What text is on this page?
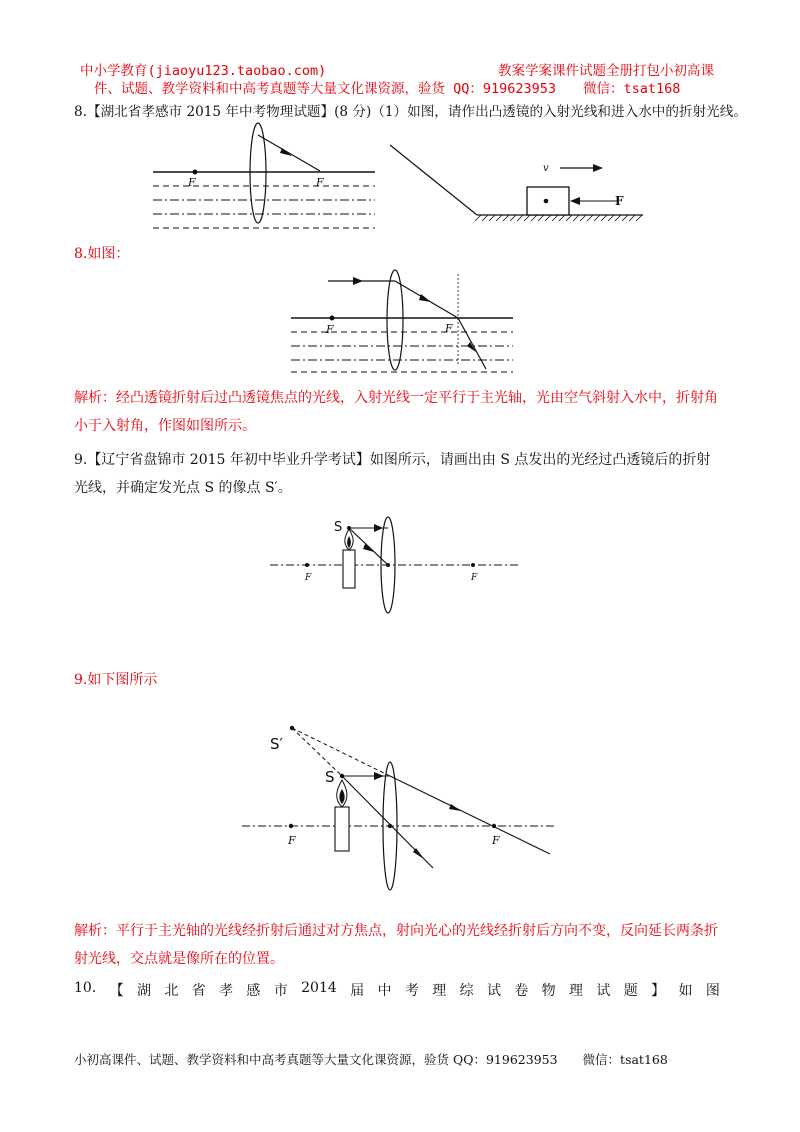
中小学教育(jiaoyu123.taobao.com)	教案学案课件试题全册打包小初高课
件、试题、教学资料和中高考真题等大量文化课资源，验货 QQ：919623953　　微信：tsat168
8.【湖北省孝感市 2015 年中考物理试题】(8 分)（1）如图，请作出凸透镜的入射光线和进入水中的折射光线。
F	F
F
v
8.如图：
F	F
解析：经凸透镜折射后过凸透镜焦点的光线，入射光线一定平行于主光轴，光由空气斜射入水中，折射角小于入射角，作图如图所示。
9.【辽宁省盘锦市 2015 年初中毕业升学考试】如图所示，请画出由 S 点发出的光经过凸透镜后的折射光线，并确定发光点 S 的像点 S′。
S
F	F
9.如下图所示
S
S′
F	F
解析：平行于主光轴的光线经折射后通过对方焦点，射向光心的光线经折射后方向不变，反向延长两条折射光线，交点就是像所在的位置。
10. 【 湖 北 省 孝 感 市 2014 届 中 考 理 综 试 卷 物 理 试 题 】 如 图
小初高课件、试题、教学资料和中高考真题等大量文化课资源，验货 QQ：919623953　　微信：tsat168
